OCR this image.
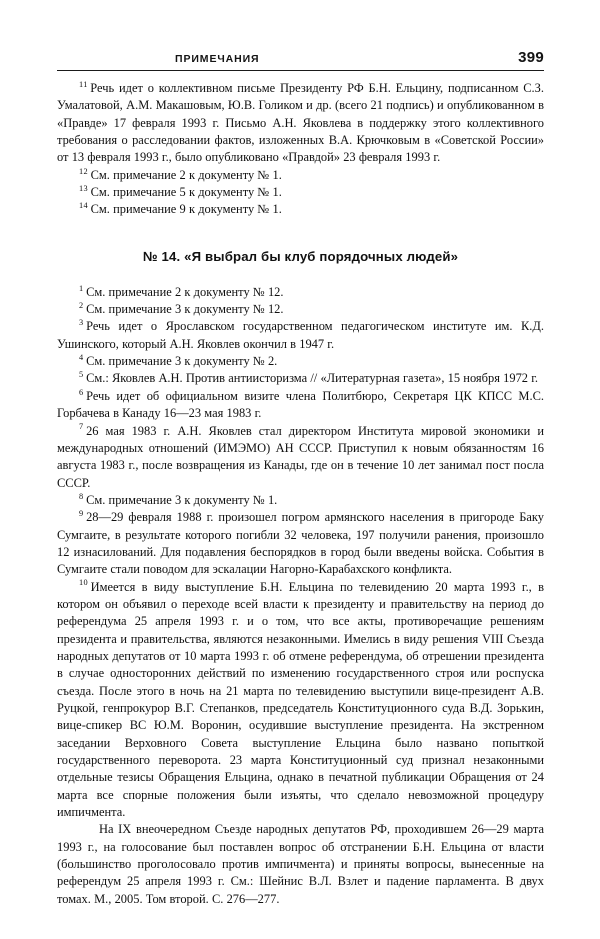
ПРИМЕЧАНИЯ	399

$^{11}$ Речь идет о коллективном письме Президенту РФ Б.Н. Ельцину, подписанном С.З. Умалатовой, А.М. Макашовым, Ю.В. Голиком и др. (всего 21 подпись) и опубликованном в «Правде» 17 февраля 1993 г. Письмо А.Н. Яковлева в поддержку этого коллективного требования о расследовании фактов, изложенных В.А. Крючковым в «Советской России» от 13 февраля 1993 г., было опубликовано «Правдой» 23 февраля 1993 г.

$^{12}$ См. примечание 2 к документу № 1.

$^{13}$ См. примечание 5 к документу № 1.

$^{14}$ См. примечание 9 к документу № 1.

№ 14. «Я выбрал бы клуб порядочных людей»

$^1$ См. примечание 2 к документу № 12.

$^2$ См. примечание 3 к документу № 12.

$^3$ Речь идет о Ярославском государственном педагогическом институте им. К.Д. Ушинского, который А.Н. Яковлев окончил в 1947 г.

$^4$ См. примечание 3 к документу № 2.

$^5$ См.: Яковлев А.Н. Против антиисторизма // «Литературная газета», 15 ноября 1972 г.

$^6$ Речь идет об официальном визите члена Политбюро, Секретаря ЦК КПСС М.С. Горбачева в Канаду 16—23 мая 1983 г.

$^7$ 26 мая 1983 г. А.Н. Яковлев стал директором Института мировой экономики и международных отношений (ИМЭМО) АН СССР. Приступил к новым обязанностям 16 августа 1983 г., после возвращения из Канады, где он в течение 10 лет занимал пост посла СССР.

$^8$ См. примечание 3 к документу № 1.

$^9$ 28—29 февраля 1988 г. произошел погром армянского населения в пригороде Баку Сумгаите, в результате которого погибли 32 человека, 197 получили ранения, произошло 12 изнасилований. Для подавления беспорядков в город были введены войска. События в Сумгаите стали поводом для эскалации Нагорно-Карабахского конфликта.

$^{10}$ Имеется в виду выступление Б.Н. Ельцина по телевидению 20 марта 1993 г., в котором он объявил о переходе всей власти к президенту и правительству на период до референдума 25 апреля 1993 г. и о том, что все акты, противоречащие решениям президента и правительства, являются незаконными. Имелись в виду решения VIII Съезда народных депутатов от 10 марта 1993 г. об отмене референдума, об отрешении президента в случае односторонних действий по изменению государственного строя или роспуска съезда. После этого в ночь на 21 марта по телевидению выступили вице-президент А.В. Руцкой, генпрокурор В.Г. Степанков, председатель Конституционного суда В.Д. Зорькин, вице-спикер ВС Ю.М. Воронин, осудившие выступление президента. На экстренном заседании Верховного Совета выступление Ельцина было названо попыткой государственного переворота. 23 марта Конституционный суд признал незаконными отдельные тезисы Обращения Ельцина, однако в печатной публикации Обращения от 24 марта все спорные положения были изъяты, что сделало невозможной процедуру импичмента.

На IX внеочередном Съезде народных депутатов РФ, проходившем 26—29 марта 1993 г., на голосование был поставлен вопрос об отстранении Б.Н. Ельцина от власти (большинство проголосовало против импичмента) и приняты вопросы, вынесенные на референдум 25 апреля 1993 г. См.: Шейнис В.Л. Взлет и падение парламента. В двух томах. М., 2005. Том второй. С. 276—277.
